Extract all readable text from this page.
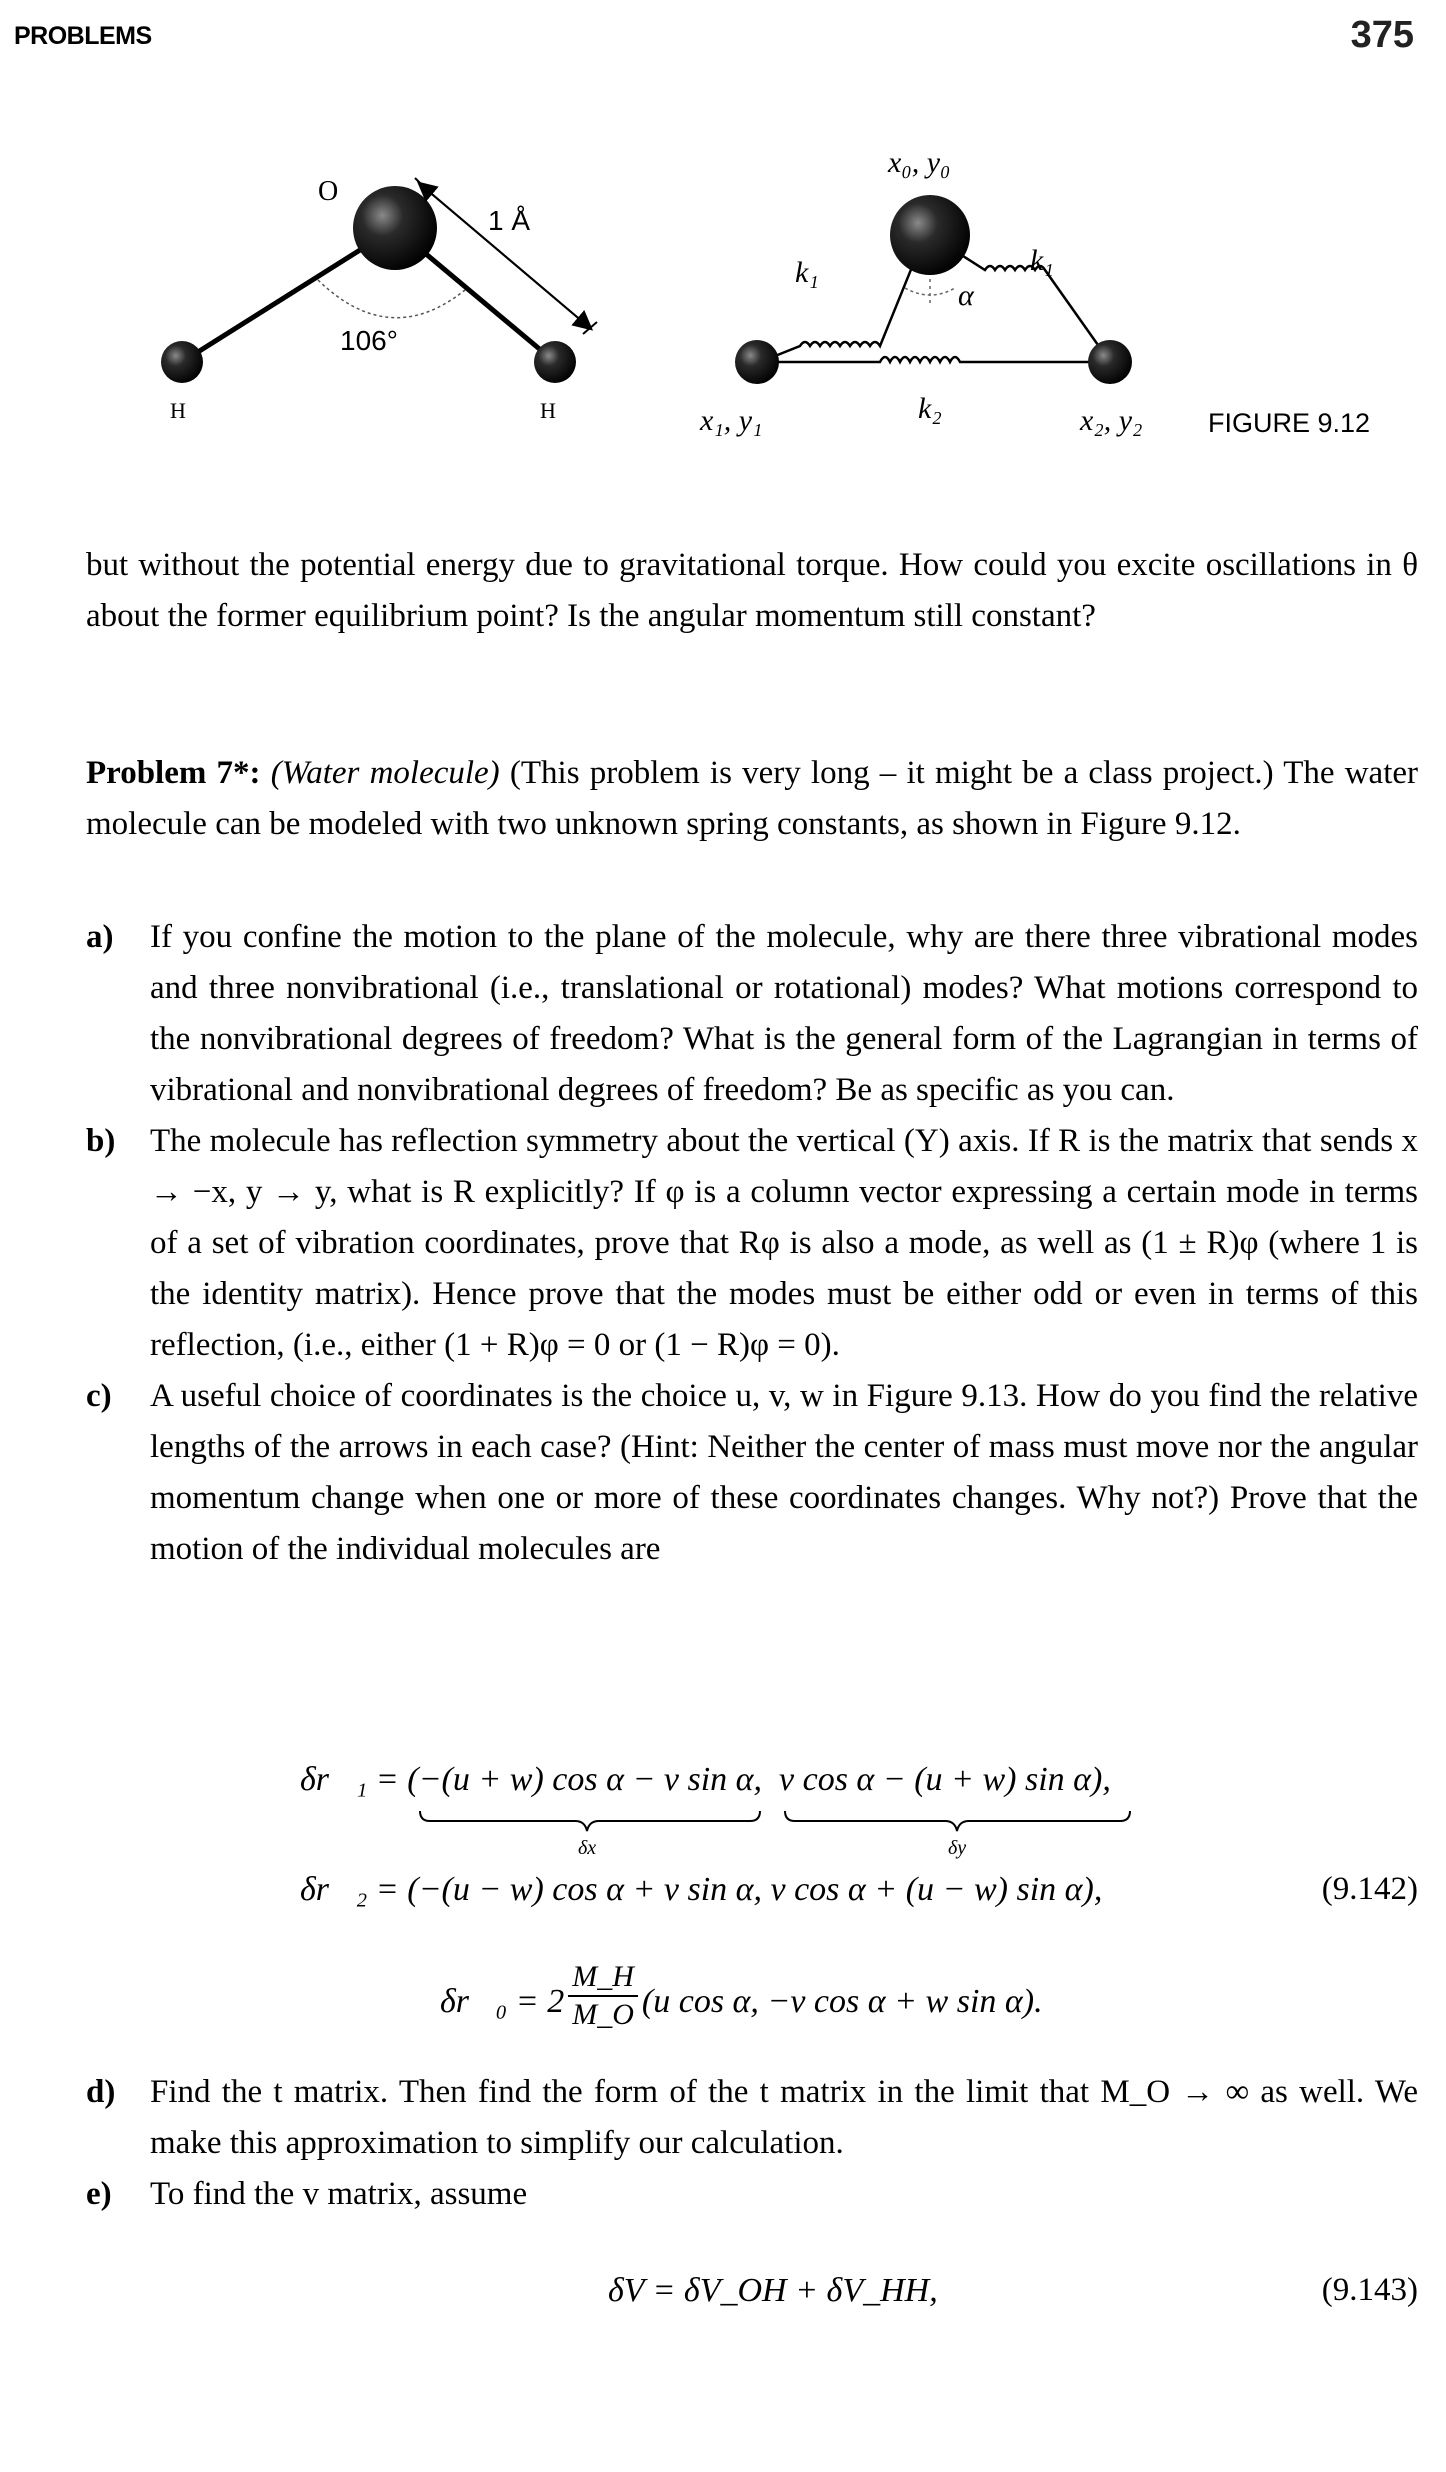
PROBLEMS	375
O
H	H
106°
1 Å
x₀, y₀
x₁, y₁	x₂, y₂
k₁	k₁
k₂
α
FIGURE 9.12
but without the potential energy due to gravitational torque. How could you excite oscillations in θ about the former equilibrium point? Is the angular momentum still constant?
Problem 7*: (Water molecule) (This problem is very long – it might be a class project.) The water molecule can be modeled with two unknown spring constants, as shown in Figure 9.12.
a)	If you confine the motion to the plane of the molecule, why are there three vibrational modes and three nonvibrational (i.e., translational or rotational) modes? What motions correspond to the nonvibrational degrees of freedom? What is the general form of the Lagrangian in terms of vibrational and nonvibrational degrees of freedom? Be as specific as you can.
b)	The molecule has reflection symmetry about the vertical (Y) axis. If R is the matrix that sends x → −x, y → y, what is R explicitly? If φ is a column vector expressing a certain mode in terms of a set of vibration coordinates, prove that Rφ is also a mode, as well as (1 ± R)φ (where 1 is the identity matrix). Hence prove that the modes must be either odd or even in terms of this reflection, (i.e., either (1 + R)φ = 0 or (1 − R)φ = 0).
c)	A useful choice of coordinates is the choice u, v, w in Figure 9.13. How do you find the relative lengths of the arrows in each case? (Hint: Neither the center of mass must move nor the angular momentum change when one or more of these coordinates changes. Why not?) Prove that the motion of the individual molecules are
δr⃗₁ = (−(u + w) cos α − v sin α,  v cos α − (u + w) sin α),
δx	δy
δr⃗₂ = (−(u − w) cos α + v sin α, v cos α + (u − w) sin α),	(9.142)
δr⃗₀ = $2 \frac{M\_H}{M\_O} (u$ cos α, −v cos α + w sin α).
d)	Find the t matrix. Then find the form of the t matrix in the limit that M_O → ∞ as well. We make this approximation to simplify our calculation.
e)	To find the v matrix, assume
δV = δV_OH + δV_HH,	(9.143)
